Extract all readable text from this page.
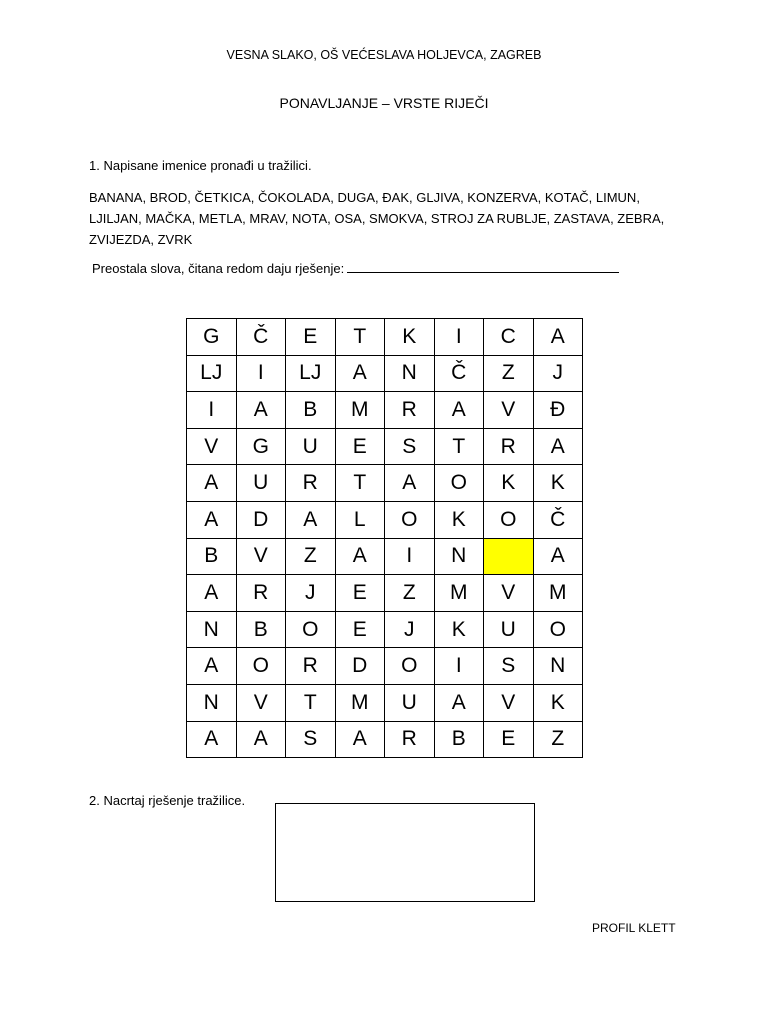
VESNA SLAKO, OŠ VEĆESLAVA HOLJEVCA, ZAGREB
PONAVLJANJE – VRSTE RIJEČI
1. Napisane imenice pronađi u tražilici.
BANANA, BROD, ČETKICA, ČOKOLADA, DUGA, ĐAK, GLJIVA, KONZERVA, KOTAČ, LIMUN, LJILJAN, MAČKA, METLA, MRAV, NOTA, OSA, SMOKVA, STROJ ZA RUBLJE, ZASTAVA, ZEBRA, ZVIJEZDA, ZVRK
Preostala slova, čitana redom daju rješenje:
G	Č	E	T	K	I	C	A
LJ	I	LJ	A	N	Č	Z	J
I	A	B	M	R	A	V	Đ
V	G	U	E	S	T	R	A
A	U	R	T	A	O	K	K
A	D	A	L	O	K	O	Č
B	V	Z	A	I	N		A
A	R	J	E	Z	M	V	M
N	B	O	E	J	K	U	O
A	O	R	D	O	I	S	N
N	V	T	M	U	A	V	K
A	A	S	A	R	B	E	Z
2. Nacrtaj rješenje tražilice.
PROFIL KLETT
